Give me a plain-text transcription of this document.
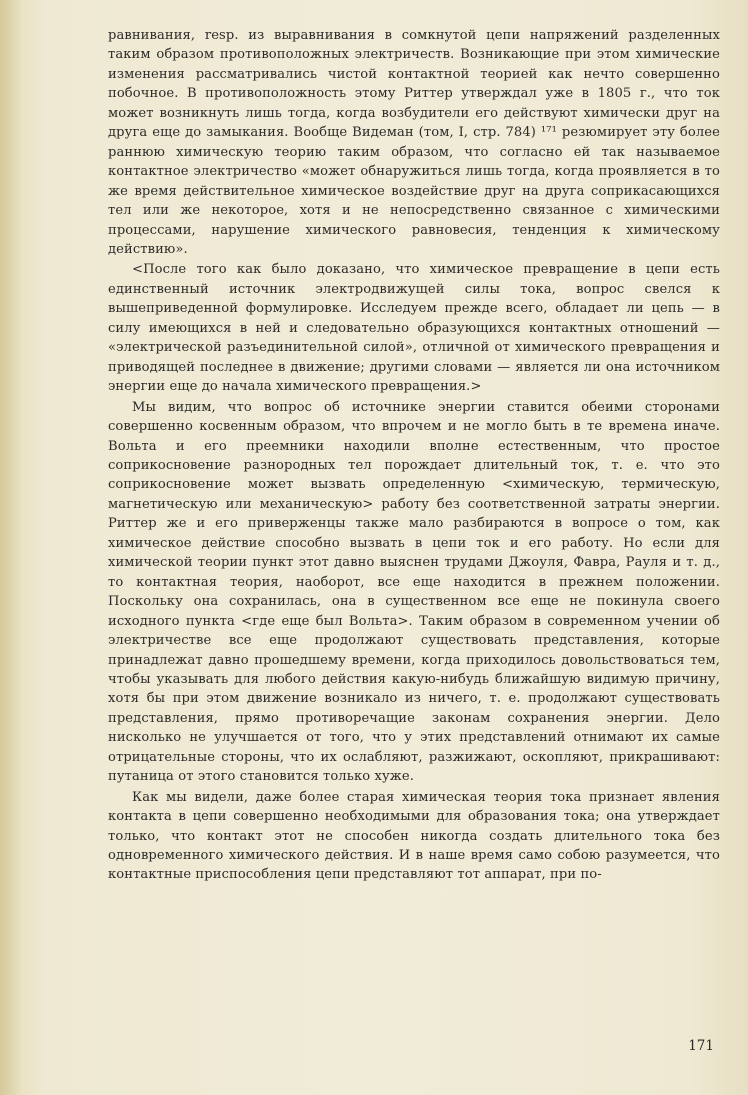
равнивания, resp. из выравнивания в сомкнутой цепи напряжений разделенных таким образом противоположных электричеств. Возникающие при этом химические изменения рассматривались чистой контактной теорией как нечто совершенно побочное. В противоположность этому Риттер утверждал уже в 1805 г., что ток может возникнуть лишь тогда, когда возбудители его действуют химически друг на друга еще до замыкания. Вообще Видеман (том, I, стр. 784) ¹⁷¹ резюмирует эту более раннюю химическую теорию таким образом, что согласно ей так называемое контактное электричество «может обнаружиться лишь тогда, когда проявляется в то же время действительное химическое воздействие друг на друга соприкасающихся тел или же некоторое, хотя и не непосредственно связанное с химическими процессами, нарушение химического равновесия, тенденция к химическому действию».

<После того как было доказано, что химическое превращение в цепи есть единственный источник электродвижущей силы тока, вопрос свелся к вышеприведенной формулировке. Исследуем прежде всего, обладает ли цепь — в силу имеющихся в ней и следовательно образующихся контактных отношений — «электрической разъединительной силой», отличной от химического превращения и приводящей последнее в движение; другими словами — является ли она источником энергии еще до начала химического превращения.>

Мы видим, что вопрос об источнике энергии ставится обеими сторонами совершенно косвенным образом, что впрочем и не могло быть в те времена иначе. Вольта и его преемники находили вполне естественным, что простое соприкосновение разнородных тел порождает длительный ток, т. е. что это соприкосновение может вызвать определенную <химическую, термическую, магнетическую или механическую> работу без соответственной затраты энергии. Риттер же и его приверженцы также мало разбираются в вопросе о том, как химическое действие способно вызвать в цепи ток и его работу. Но если для химической теории пункт этот давно выяснен трудами Джоуля, Фавра, Рауля и т. д., то контактная теория, наоборот, все еще находится в прежнем положении. Поскольку она сохранилась, она в существенном все еще не покинула своего исходного пункта <где еще был Вольта>. Таким образом в современном учении об электричестве все еще продолжают существовать представления, которые принадлежат давно прошедшему времени, когда приходилось довольствоваться тем, чтобы указывать для любого действия какую-нибудь ближайшую видимую причину, хотя бы при этом движение возникало из ничего, т. е. продолжают существовать представления, прямо противоречащие законам сохранения энергии. Дело нисколько не улучшается от того, что у этих представлений отнимают их самые отрицательные стороны, что их ослабляют, разжижают, оскопляют, прикрашивают: путаница от этого становится только хуже.

Как мы видели, даже более старая химическая теория тока признает явления контакта в цепи совершенно необходимыми для образования тока; она утверждает только, что контакт этот не способен никогда создать длительного тока без одновременного химического действия. И в наше время само собою разумеется, что контактные приспособления цепи представляют тот аппарат, при по-

171
